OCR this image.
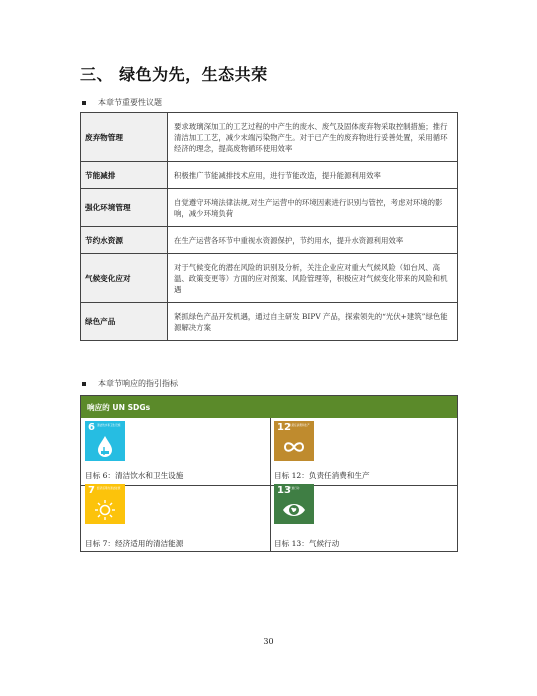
三、 绿色为先，生态共荣
本章节重要性议题
废弃物管理	要求玻璃深加工的工艺过程的中产生的废水、废气及固体废弃物采取控制措施；推行清洁加工工艺，减少末端污染物产生。对于已产生的废弃物进行妥善处置，采用循环经济的理念，提高废物循环使用效率
节能减排	积极推广节能减排技术应用，进行节能改造，提升能源利用效率
强化环境管理	自觉遵守环境法律法规,对生产运营中的环境因素进行识别与管控，考虑对环境的影响，减少环境负荷
节约水资源	在生产运营各环节中重视水资源保护，节约用水，提升水资源利用效率
气候变化应对	对于气候变化的潜在风险的识别及分析，关注企业应对重大气候风险（如台风、高温、政策变更等）方面的应对预案、风险管理等，积极应对气候变化带来的风险和机遇
绿色产品	紧抓绿色产品开发机遇，通过自主研发 BIPV 产品，探索领先的“光伏+建筑”绿色能源解决方案
本章节响应的指引指标
响应的 UN SDGs
6 清洁饮水和卫生设施
目标 6：清洁饮水和卫生设施
12
负责任消费和生产
目标 12：负责任消费和生产
7 经济适用的清洁能源
目标 7：经济适用的清洁能源
13
气候行动
目标 13：气候行动
30
